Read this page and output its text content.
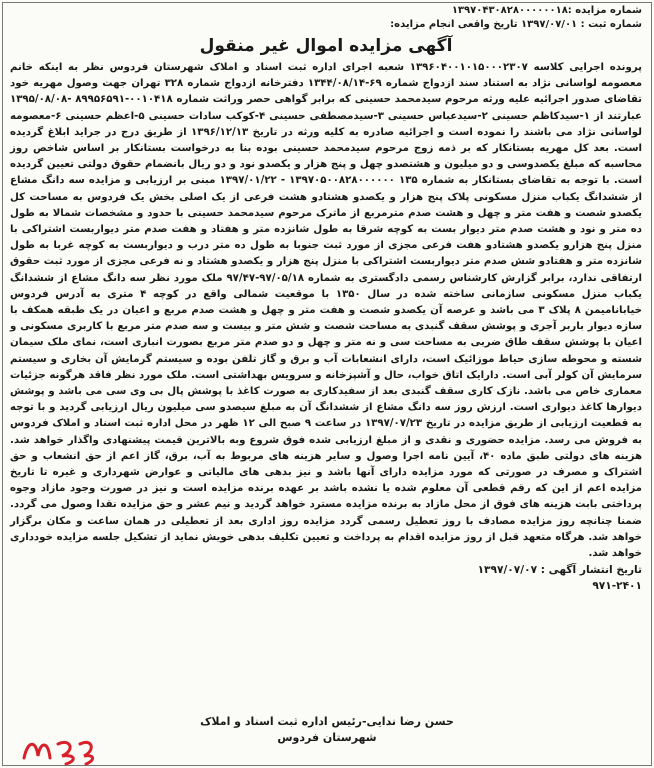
شماره مزایده :۱۳۹۷۰۴۳۰۸۲۸۰۰۰۰۰۰۱۸
شماره ثبت : ۱۳۹۷/۰۷/۰۱ تاریخ واقعی انجام مزایده:
آگهی مزایده اموال غیر منقول
پرونده اجرایی کلاسه ۱۳۹۶۰۴۰۰۱۰۱۵۰۰۰۲۳۰۷ شعبه اجرای اداره ثبت اسناد و املاک شهرستان فردوس نظر به اینکه خانم معصومه لواسانی نژاد به استناد سند ازدواج شماره ۶۹-۱۳۴۴/۰۸/۱۴ دفترخانه ازدواج شماره ۳۲۸ تهران جهت وصول مهریه خود تقاضای صدور اجرائیه علیه ورثه مرحوم سیدمحمد حسینی که برابر گواهی حصر وراثت شماره ۰۰۱۰۴۱۸-۸۹۹۵۶۵۹۱ -۱۳۹۵/۰۸/۰۸ عبارتند از ۱-سیدکاظم حسینی ۲-سیدعباس حسینی ۳-سیدمصطفی حسینی ۴-کوکب سادات حسینی ۵-اعظم حسینی ۶-معصومه لواسانی نژاد می باشند را نموده است و اجرائیه صادره به کلیه ورثه در تاریخ ۱۳۹۶/۱۲/۱۳ از طریق درج در جراید ابلاغ گردیده است. بعد کل مهریه بستانکار که بر ذمه زوج مرحوم سیدمحمد حسینی بوده بنا به درخواست بستانکار بر اساس شاخص روز محاسبه که مبلغ یکصدوسی و دو میلیون و هشتصدو چهل و پنج هزار و یکصدو نود و دو ریال بانضمام حقوق دولتی تعیین گردیده است. با توجه به تقاضای بستانکار به شماره ۱۳۵ ۱۳۹۷۰۵۰۰۸۲۸۰۰۰۰۰۰ - ۱۳۹۷/۰۱/۲۲ مبنی بر ارزیابی و مزایده سه دانگ مشاع از ششدانگ یکباب منزل مسکونی پلاک پنج هزار و یکصدو هشتادو هشت فرعی از یک اصلی بخش یک فردوس به مساحت کل یکصدو شصت و هفت متر و چهل و هشت صدم مترمربع از ماترک مرحوم سیدمحمد حسینی با حدود و مشخصات شمالا به طول ده متر و نود و هشت صدم متر دیوار بست به کوچه شرقا به طول شانزده متر و هفتاد و هفت صدم متر دیواربست اشتراکی با منزل پنج هزارو یکصدو هشتادو هفت فرعی مجزی از مورد ثبت جنوبا به طول ده متر درب و دیواربست به کوچه غربا به طول شانزده متر و هفتادو شش صدم متر دیواربست اشتراکی با منزل پنج هزار و یکصدو هشتاد و نه فرعی مجزی از مورد ثبت حقوق ارتفاقی ندارد، برابر گزارش کارشناس رسمی دادگستری به شماره ۹۷/۰۵/۱۸-۹۷/۴۷ ملک مورد نظر سه دانگ مشاع از ششدانگ یکباب منزل مسکونی سازمانی ساخته شده در سال ۱۳۵۰ با موقعیت شمالی واقع در کوچه ۴ متری به آدرس فردوس خیابانامیمن ۸ پلاک ۳ می باشد و عرصه آن یکصدو شصت و هفت متر و چهل و هشت صدم مربع و اعیان در یک طبقه همکف با سازه دیوار باربر آجری و پوشش سقف گنبدی به مساحت شصت و شش متر و بیست و سه صدم متر مربع با کاربری مسکونی و اعیان با پوشش سقف طاق ضربی به مساحت سی و نه متر و چهل و دو صدم متر مربع بصورت انباری است، نمای ملک سیمان شسته و محوطه سازی حیاط موزائیک است، دارای انشعابات آب و برق و گاز تلفن بوده و سیستم گرمایش آن بخاری و سیستم سرمایش آن کولر آبی است. دارایک اتاق خواب، حال و آشپزخانه و سرویس بهداشتی است. ملک مورد نظر فاقد هرگونه جزئیات معماری خاص می باشد. نازک کاری سقف گنبدی بعد از سفیدکاری به صورت کاغذ با پوشش پال بی وی سی می باشد و پوشش دیوارها کاغذ دیواری است. ارزش روز سه دانگ مشاع از ششدانگ آن به مبلغ سیصدو سی میلیون ریال ارزیابی گردید و با توجه به قطعیت ارزیابی از طریق مزایده در تاریخ ۱۳۹۷/۰۷/۲۳ در ساعت ۹ صبح الی ۱۲ ظهر در محل اداره ثبت اسناد و املاک فردوس به فروش می رسد. مزایده حضوری و نقدی و از مبلغ ارزیابی شده فوق شروع وبه بالاترین قیمت پیشنهادی واگذار خواهد شد. هزینه های دولتی طبق ماده ۴۰، آیین نامه اجرا وصول و سایر هزینه های مربوط به آب، برق، گاز اعم از حق انشعاب و حق اشتراک و مصرف در صورتی که مورد مزایده دارای آنها باشد و نیز بدهی های مالیاتی و عوارض شهرداری و غیره تا تاریخ مزایده اعم از این که رقم قطعی آن معلوم شده یا نشده باشد بر عهده برنده مزایده است و نیز در صورت وجود مازاد وجوه پرداختی بابت هزینه های فوق از محل مازاد به برنده مزایده مسترد خواهد گردید و نیم عشر و حق مزایده نقدا وصول می گردد. ضمنا چنانچه روز مزایده مصادف با روز تعطیل رسمی گردد مزایده روز اداری بعد از تعطیلی در همان ساعت و مکان برگزار خواهد شد. هرگاه متعهد قبل از روز مزایده اقدام به پرداخت و تعیین تکلیف بدهی خویش نماید از تشکیل جلسه مزایده خودداری خواهد شد.
تاریخ انتشار آگهی : ۱۳۹۷/۰۷/۰۷
۹۷۱-۲۴۰۱
حسن رضا ندایی-رئیس اداره ثبت اسناد و املاک
شهرستان فردوس
